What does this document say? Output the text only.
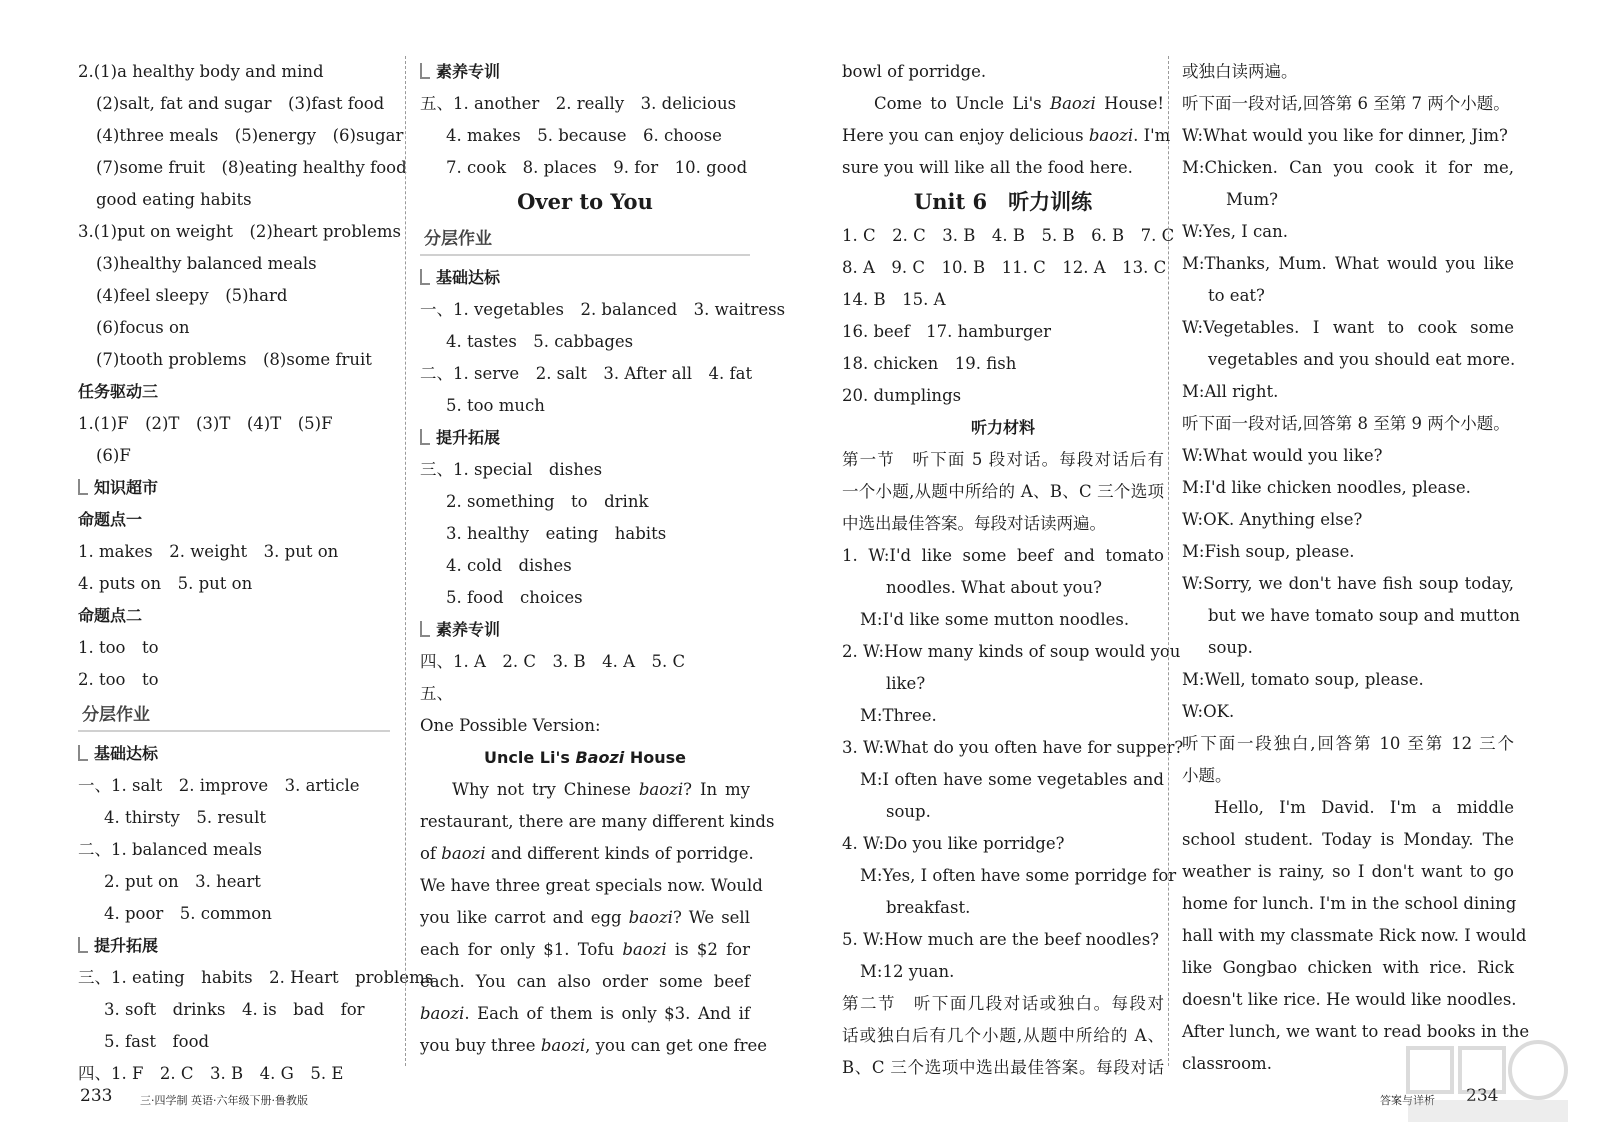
2.(1)a healthy body and mind
(2)salt, fat and sugar　(3)fast food
(4)three meals　(5)energy　(6)sugar
(7)some fruit　(8)eating healthy food
good eating habits
3.(1)put on weight　(2)heart problems
(3)healthy balanced meals
(4)feel sleepy　(5)hard
(6)focus on
(7)tooth problems　(8)some fruit
任务驱动三
1.(1)F　(2)T　(3)T　(4)T　(5)F
(6)F
知识超市
命题点一
1. makes　2. weight　3. put on
4. puts on　5. put on
命题点二
1. too　to
2. too　to
分层作业
基础达标
一、1. salt　2. improve　3. article
4. thirsty　5. result
二、1. balanced meals
2. put on　3. heart
4. poor　5. common
提升拓展
三、1. eating　habits　2. Heart　problems
3. soft　drinks　4. is　bad　for
5. fast　food
四、1. F　2. C　3. B　4. G　5. E
素养专训
五、1. another　2. really　3. delicious
4. makes　5. because　6. choose
7. cook　8. places　9. for　10. good
Over to You
分层作业
基础达标
一、1. vegetables　2. balanced　3. waitress
4. tastes　5. cabbages
二、1. serve　2. salt　3. After all　4. fat
5. too much
提升拓展
三、1. special　dishes
2. something　to　drink
3. healthy　eating　habits
4. cold　dishes
5. food　choices
素养专训
四、1. A　2. C　3. B　4. A　5. C
五、
One Possible Version:
Uncle Li's Baozi House
Why not try Chinese baozi? In my
restaurant, there are many different kinds
of baozi and different kinds of porridge.
We have three great specials now. Would
you like carrot and egg baozi? We sell
each for only $1. Tofu baozi is $2 for
each. You can also order some beef
baozi. Each of them is only $3. And if
you buy three baozi, you can get one free
bowl of porridge.
Come to Uncle Li's Baozi House!
Here you can enjoy delicious baozi. I'm
sure you will like all the food here.
Unit 6　听力训练
1. C　2. C　3. B　4. B　5. B　6. B　7. C
8. A　9. C　10. B　11. C　12. A　13. C
14. B　15. A
16. beef　17. hamburger
18. chicken　19. fish
20. dumplings
听力材料
第一节　听下面 5 段对话。每段对话后有
一个小题,从题中所给的 A、B、C 三个选项
中选出最佳答案。每段对话读两遍。
1. W:I'd like some beef and tomato
noodles. What about you?
M:I'd like some mutton noodles.
2. W:How many kinds of soup would you
like?
M:Three.
3. W:What do you often have for supper?
M:I often have some vegetables and
soup.
4. W:Do you like porridge?
M:Yes, I often have some porridge for
breakfast.
5. W:How much are the beef noodles?
M:12 yuan.
第二节　听下面几段对话或独白。每段对
话或独白后有几个小题,从题中所给的 A、
B、C 三个选项中选出最佳答案。每段对话
或独白读两遍。
听下面一段对话,回答第 6 至第 7 两个小题。
W:What would you like for dinner, Jim?
M:Chicken. Can you cook it for me,
Mum?
W:Yes, I can.
M:Thanks, Mum. What would you like
to eat?
W:Vegetables. I want to cook some
vegetables and you should eat more.
M:All right.
听下面一段对话,回答第 8 至第 9 两个小题。
W:What would you like?
M:I'd like chicken noodles, please.
W:OK. Anything else?
M:Fish soup, please.
W:Sorry, we don't have fish soup today,
but we have tomato soup and mutton
soup.
M:Well, tomato soup, please.
W:OK.
听下面一段独白,回答第 10 至第 12 三个
小题。
Hello, I'm David. I'm a middle
school student. Today is Monday. The
weather is rainy, so I don't want to go
home for lunch. I'm in the school dining
hall with my classmate Rick now. I would
like Gongbao chicken with rice. Rick
doesn't like rice. He would like noodles.
After lunch, we want to read books in the
classroom.
233	三·四学制 英语·六年级下册·鲁教版	答案与详析 234
